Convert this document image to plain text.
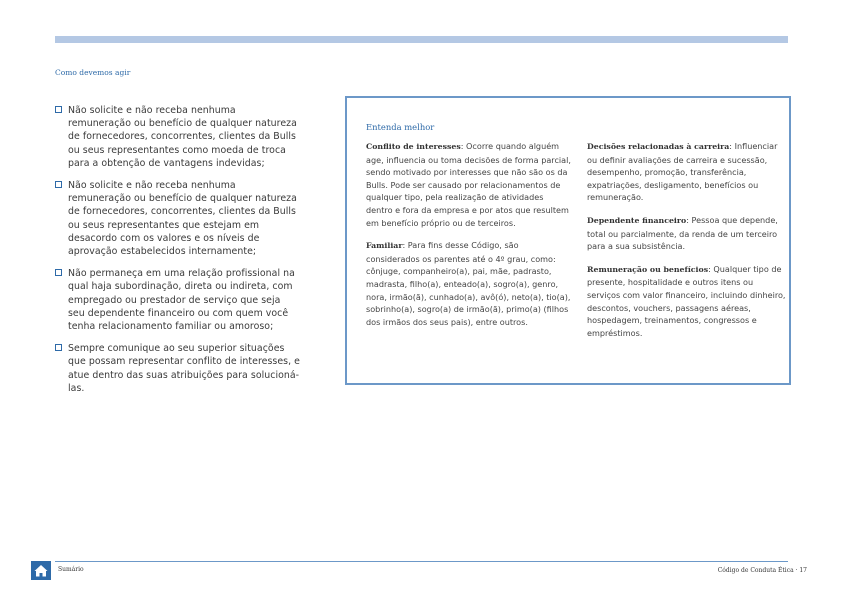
Como devemos agir
Não solicite e não receba nenhuma remuneração ou benefício de qualquer natureza de fornecedores, concorrentes, clientes da Bulls ou seus representantes como moeda de troca para a obtenção de vantagens indevidas;
Não solicite e não receba nenhuma remuneração ou benefício de qualquer natureza de fornecedores, concorrentes, clientes da Bulls ou seus representantes que estejam em desacordo com os valores e os níveis de aprovação estabelecidos internamente;
Não permaneça em uma relação profissional na qual haja subordinação, direta ou indireta, com empregado ou prestador de serviço que seja seu dependente financeiro ou com quem você tenha relacionamento familiar ou amoroso;
Sempre comunique ao seu superior situações que possam representar conflito de interesses, e atue dentro das suas atribuições para solucioná-las.
Entenda melhor
Conflito de interesses: Ocorre quando alguém age, influencia ou toma decisões de forma parcial, sendo motivado por interesses que não são os da Bulls. Pode ser causado por relacionamentos de qualquer tipo, pela realização de atividades dentro e fora da empresa e por atos que resultem em benefício próprio ou de terceiros.
Familiar: Para fins desse Código, são considerados os parentes até o 4º grau, como: cônjuge, companheiro(a), pai, mãe, padrasto, madrasta, filho(a), enteado(a), sogro(a), genro, nora, irmão(ã), cunhado(a), avô(ó), neto(a), tio(a), sobrinho(a), sogro(a) de irmão(ã), primo(a) (filhos dos irmãos dos seus pais), entre outros.
Decisões relacionadas à carreira: Influenciar ou definir avaliações de carreira e sucessão, desempenho, promoção, transferência, expatriações, desligamento, benefícios ou remuneração.
Dependente financeiro: Pessoa que depende, total ou parcialmente, da renda de um terceiro para a sua subsistência.
Remuneração ou benefícios: Qualquer tipo de presente, hospitalidade e outros itens ou serviços com valor financeiro, incluindo dinheiro, descontos, vouchers, passagens aéreas, hospedagem, treinamentos, congressos e empréstimos.
Sumário	Código de Conduta Ética · 17
